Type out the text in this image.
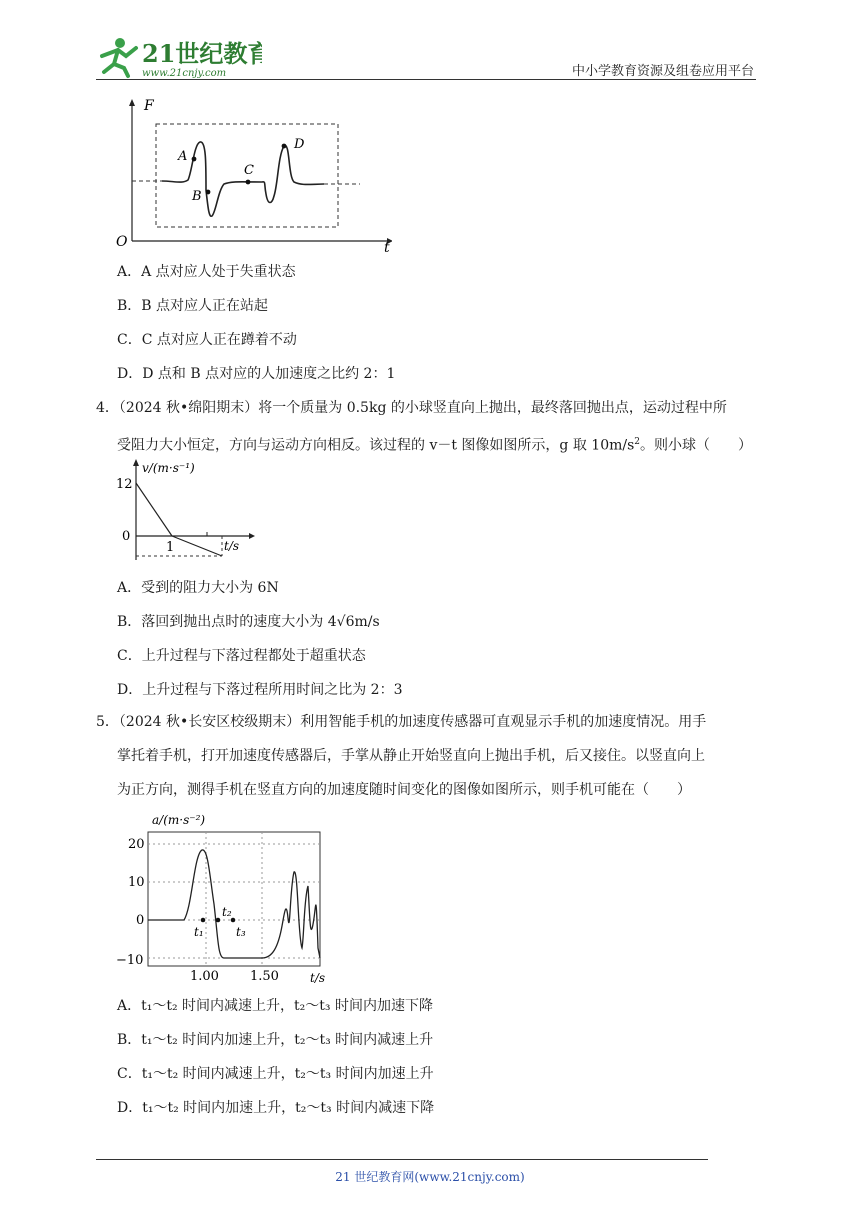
21世纪教育
www.21cnjy.com	中小学教育资源及组卷应用平台
F
t
O
A
B
C
D
A．A 点对应人处于失重状态
B．B 点对应人正在站起
C．C 点对应人正在蹲着不动
D．D 点和 B 点对应的人加速度之比约 2：1
4．（2024 秋•绵阳期末）将一个质量为 0.5kg 的小球竖直向上抛出，最终落回抛出点，运动过程中所
受阻力大小恒定，方向与运动方向相反。该过程的 v－t 图像如图所示，g 取 $10m/s^2$。则小球（　　）
v/(m·s⁻¹)
t/s
12
0
1
A．受到的阻力大小为 6N
B．落回到抛出点时的速度大小为 4√6m/s
C．上升过程与下落过程都处于超重状态
D．上升过程与下落过程所用时间之比为 2：3
5．（2024 秋•长安区校级期末）利用智能手机的加速度传感器可直观显示手机的加速度情况。用手
掌托着手机，打开加速度传感器后，手掌从静止开始竖直向上抛出手机，后又接住。以竖直向上
为正方向，测得手机在竖直方向的加速度随时间变化的图像如图所示，则手机可能在（　　）
a/(m·s⁻²)
20
10
0
−10
1.00 1.50	t/s
t₁
t₂
t₃
A．t₁～t₂ 时间内减速上升，t₂～t₃ 时间内加速下降
B．t₁～t₂ 时间内加速上升，t₂～t₃ 时间内减速上升
C．t₁～t₂ 时间内减速上升，t₂～t₃ 时间内加速上升
D．t₁～t₂ 时间内加速上升，t₂～t₃ 时间内减速下降
21 世纪教育网(www.21cnjy.com)
